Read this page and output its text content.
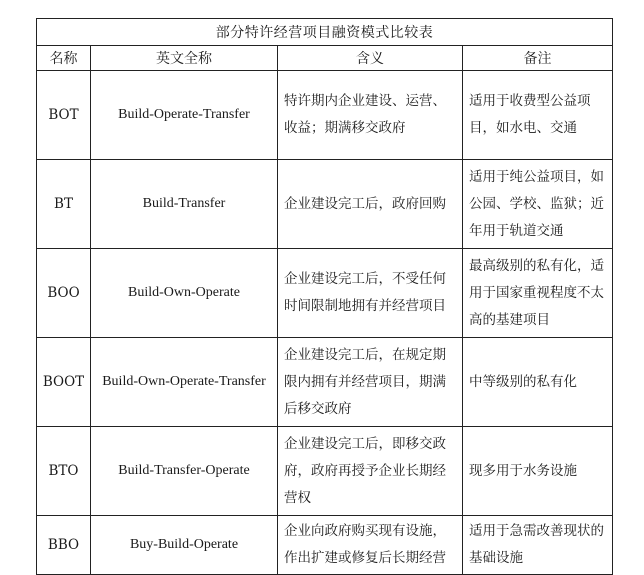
部分特许经营项目融资模式比较表			
名称	英文全称	含义	备注
BOT	Build-Operate-Transfer	特许期内企业建设、运营、收益；期满移交政府	适用于收费型公益项目，如水电、交通
BT	Build-Transfer	企业建设完工后，政府回购	适用于纯公益项目，如公园、学校、监狱；近年用于轨道交通
BOO	Build-Own-Operate	企业建设完工后，不受任何时间限制地拥有并经营项目	最高级别的私有化，适用于国家重视程度不太高的基建项目
BOOT	Build-Own-Operate-Transfer	企业建设完工后，在规定期限内拥有并经营项目，期满后移交政府	中等级别的私有化
BTO	Build-Transfer-Operate	企业建设完工后，即移交政府，政府再授予企业长期经营权	现多用于水务设施
BBO	Buy-Build-Operate	企业向政府购买现有设施，作出扩建或修复后长期经营	适用于急需改善现状的基础设施
